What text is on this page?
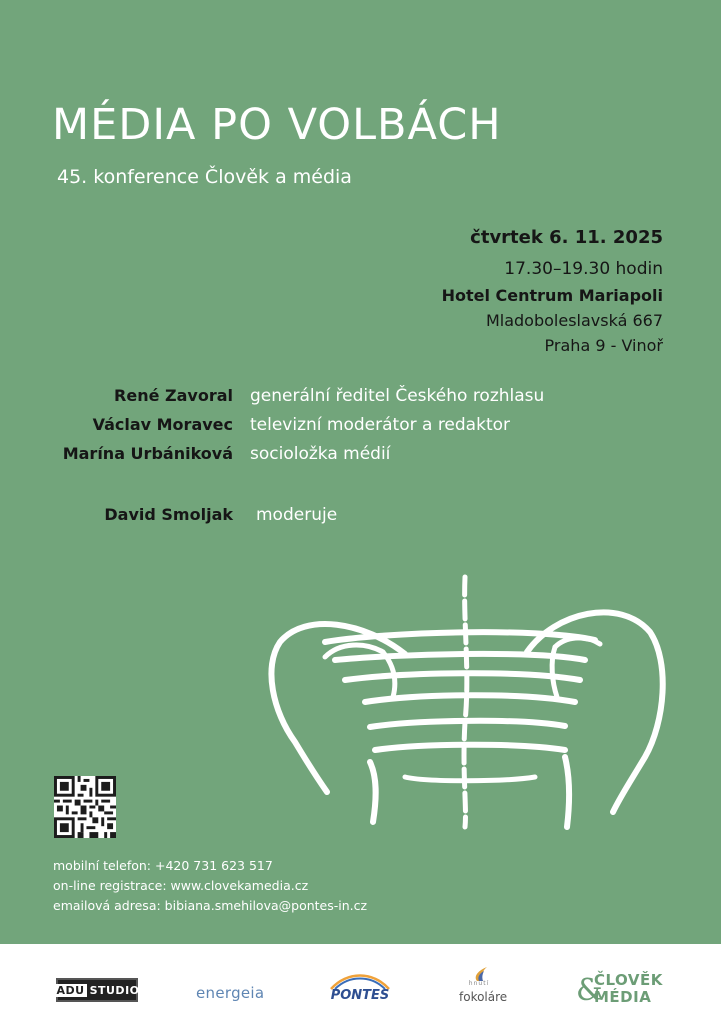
MÉDIA PO VOLBÁCH

45. konference Člověk a média

čtvrtek 6. 11. 2025
17.30–19.30 hodin
Hotel Centrum Mariapoli
Mladoboleslavská 667
Praha 9 - Vinoř
René Zavoral generální ředitel Českého rozhlasu
Václav Moravec televizní moderátor a redaktor
Marína Urbániková socioložka médií
David Smoljak moderuje
mobilní telefon: +420 731 623 517
on-line registrace: www.clovekamedia.cz
emailová adresa: bibiana.smehilova@pontes-in.cz
ADU STUDIO	energeia	PONTES
hnutí
fokoláre &
ČLOVĚK
MÉDIA
